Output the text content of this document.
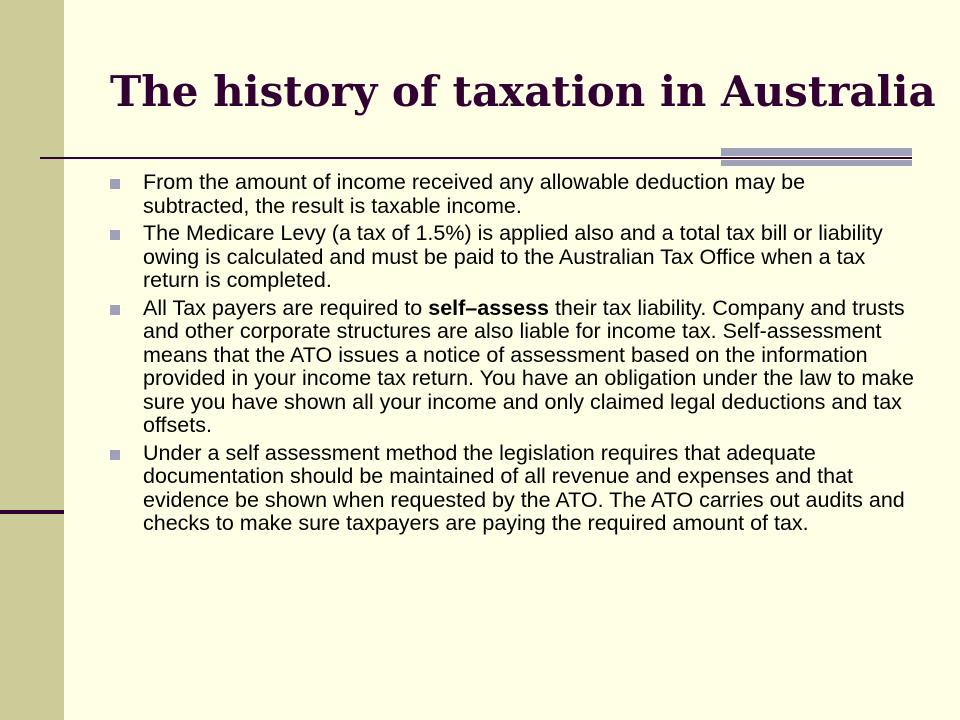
The history of taxation in Australia
From the amount of income received any allowable deduction may be subtracted, the result is taxable income.
The Medicare Levy (a tax of 1.5%) is applied also and a total tax bill or liability owing is calculated and must be paid to the Australian Tax Office when a tax return is completed.
All Tax payers are required to self–assess their tax liability. Company and trusts and other corporate structures are also liable for income tax. Self-assessment means that the ATO issues a notice of assessment based on the information provided in your income tax return. You have an obligation under the law to make sure you have shown all your income and only claimed legal deductions and tax offsets.
Under a self assessment method the legislation requires that adequate documentation should be maintained of all revenue and expenses and that evidence be shown when requested by the ATO. The ATO carries out audits and checks to make sure taxpayers are paying the required amount of tax.
